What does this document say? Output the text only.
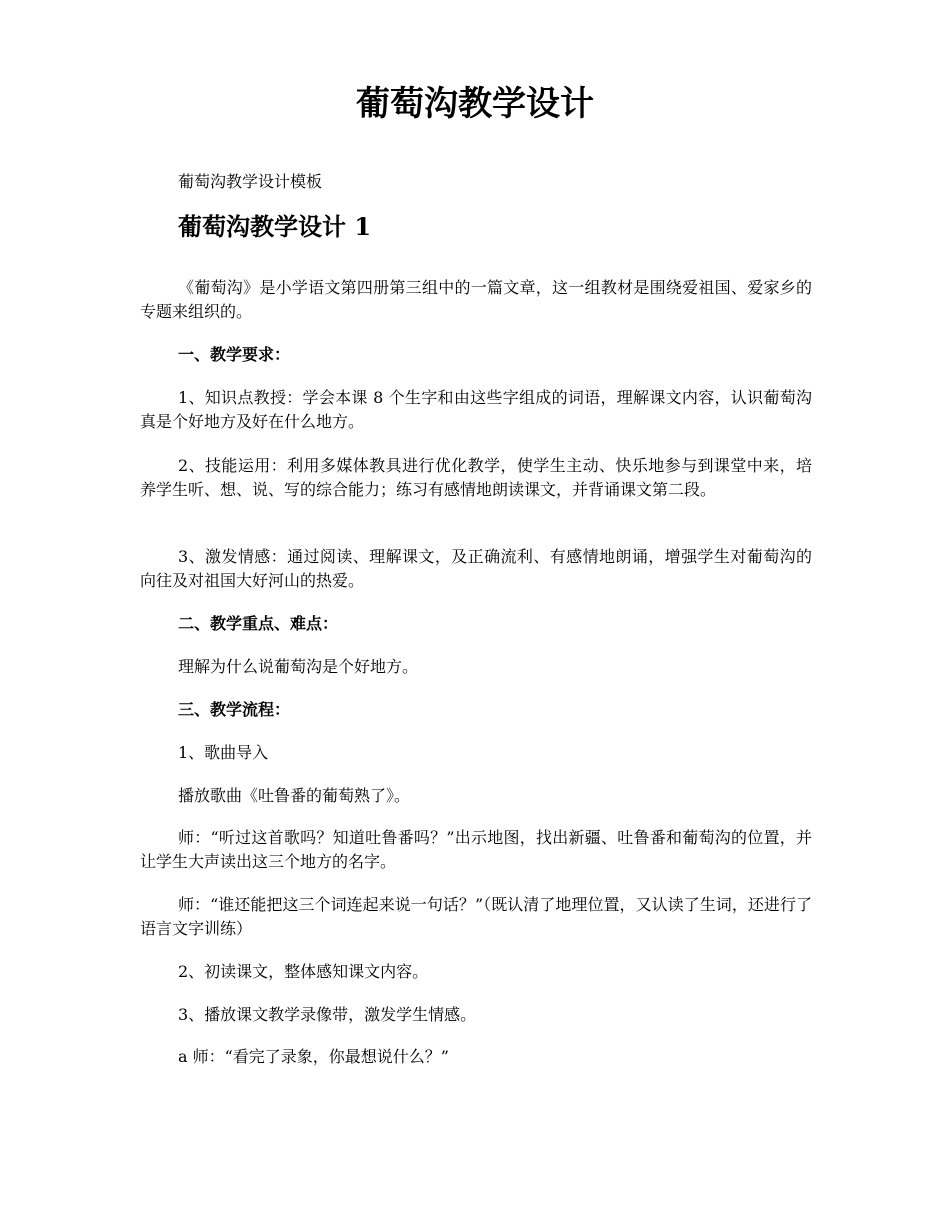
葡萄沟教学设计

葡萄沟教学设计模板

葡萄沟教学设计 1

《葡萄沟》是小学语文第四册第三组中的一篇文章，这一组教材是围绕爱祖国、爱家乡的专题来组织的。

一、教学要求：

1、知识点教授：学会本课 8 个生字和由这些字组成的词语，理解课文内容，认识葡萄沟真是个好地方及好在什么地方。

2、技能运用：利用多媒体教具进行优化教学，使学生主动、快乐地参与到课堂中来，培养学生听、想、说、写的综合能力；练习有感情地朗读课文，并背诵课文第二段。

3、激发情感：通过阅读、理解课文，及正确流利、有感情地朗诵，增强学生对葡萄沟的向往及对祖国大好河山的热爱。

二、教学重点、难点：

理解为什么说葡萄沟是个好地方。

三、教学流程：

1、歌曲导入

播放歌曲《吐鲁番的葡萄熟了》。

师：“听过这首歌吗？知道吐鲁番吗？”出示地图，找出新疆、吐鲁番和葡萄沟的位置，并让学生大声读出这三个地方的名字。

师：“谁还能把这三个词连起来说一句话？”（既认清了地理位置，又认读了生词，还进行了语言文字训练）

2、初读课文，整体感知课文内容。

3、播放课文教学录像带，激发学生情感。

a 师：“看完了录象，你最想说什么？”
